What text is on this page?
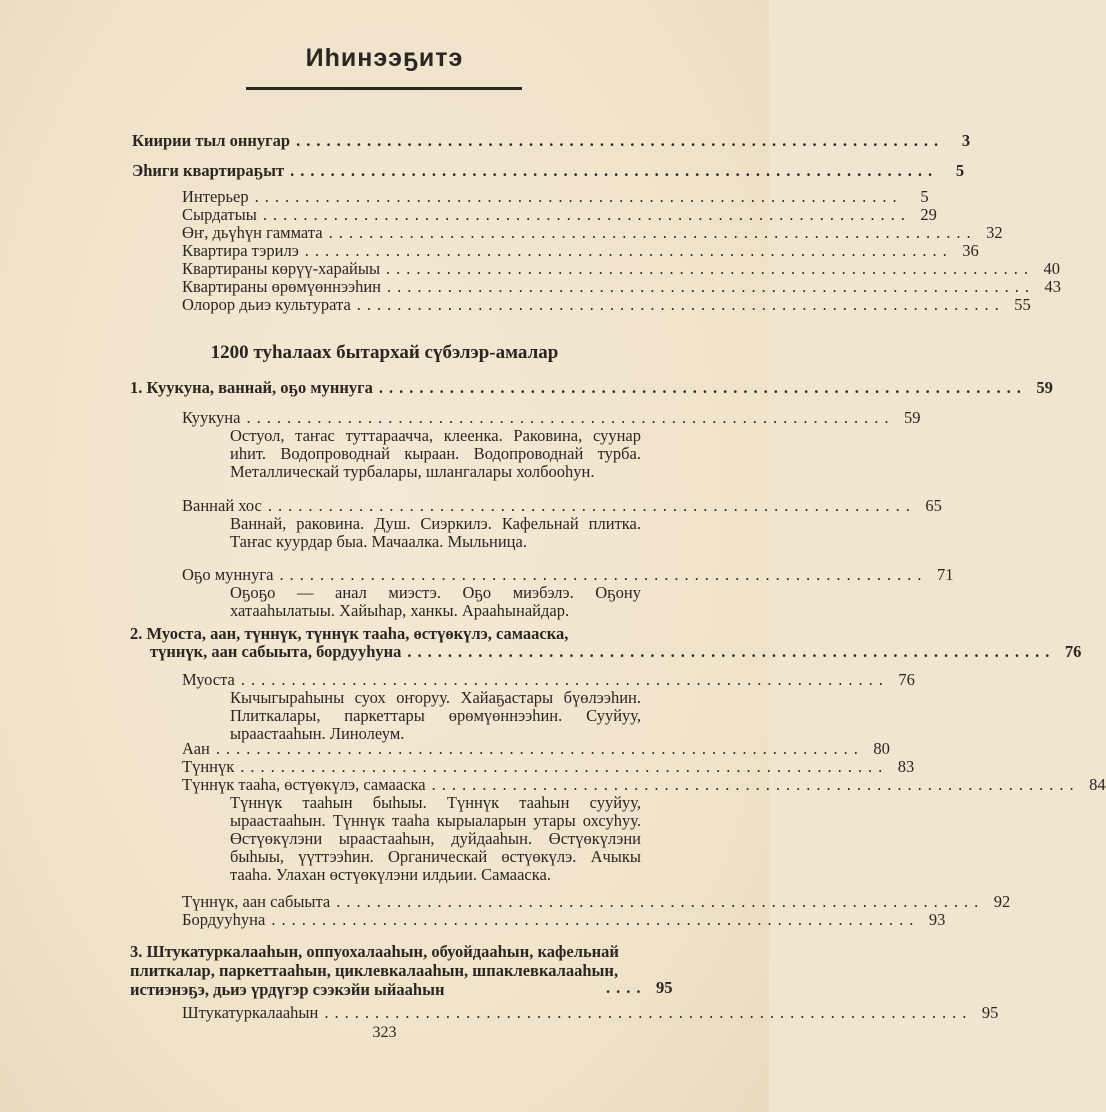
Иhинээҕитэ
Киирии тыл оннугар ................................................................	3
Эhиги квартираҕыт ................................................................	5
Интерьер ................................................................	5
Сырдатыы ................................................................ 29
Өҥ, дьүhүн гаммата ................................................................ 32
Квартира тэрилэ ................................................................ 36
Квартираны көрүү-харайыы ................................................................ 40
Квартираны өрөмүөннээhин ................................................................ 43
Олорор дьиэ культурата ................................................................ 55
1200 туhалаах бытархай сүбэлэр-амалар
1. Куукуна, ваннай, оҕо муннуга ................................................................ 59
Куукуна ................................................................ 59
Остуол, таҥас туттараачча, клеенка. Раковина, суунар иhит. Водопроводнай кыраан. Водопроводнай турба. Металлическай турбалары, шлангалары холбооhун.
Ваннай хос ................................................................ 65
Ваннай, раковина. Душ. Сиэркилэ. Кафельнай плитка. Таҥас куурдар быа. Мачаалка. Мыльница.
Оҕо муннуга ................................................................ 71
Оҕоҕо — анал миэстэ. Оҕо миэбэлэ. Оҕону хатааhылатыы. Хайыhар, ханкы. Арааhынайдар.
2. Муоста, аан, түннүк, түннүк тааhа, өстүөкүлэ, самааска,
түннүк, аан сабыыта, бордууhуна ................................................................ 76
Муоста ................................................................ 76
Кычыгыраhыны суох оҥоруу. Хайаҕастары бүөлээhин. Плиткалары, паркеттары өрөмүөннээhин. Сууйуу, ыраастааhын. Линолеум.
Аан ................................................................ 80
Түннүк ................................................................ 83
Түннүк тааhа, өстүөкүлэ, самааска ................................................................ 84
Түннүк тааhын быhыы. Түннүк тааhын сууйуу, ыраастааhын. Түннүк тааhа кырыаларын утары охсуhуу. Өстүөкүлэни ыраастааhын, дуйдааhын. Өстүөкүлэни быhыы, үүттээhин. Органическай өстүөкүлэ. Ачыкы тааhа. Улахан өстүөкүлэни илдьии. Самааска.
Түннүк, аан сабыыта ................................................................ 92
Бордууhуна ................................................................ 93
3. Штукатуркалааhын, оппуохалааhын, обуойдааhын, кафельнай плиткалар, паркеттааhын, циклевкалааhын, шпаклевкалааhын, истиэнэҕэ, дьиэ үрдүгэр сээкэйи ыйааhын	.... 95
Штукатуркалааhын ................................................................ 95
323
